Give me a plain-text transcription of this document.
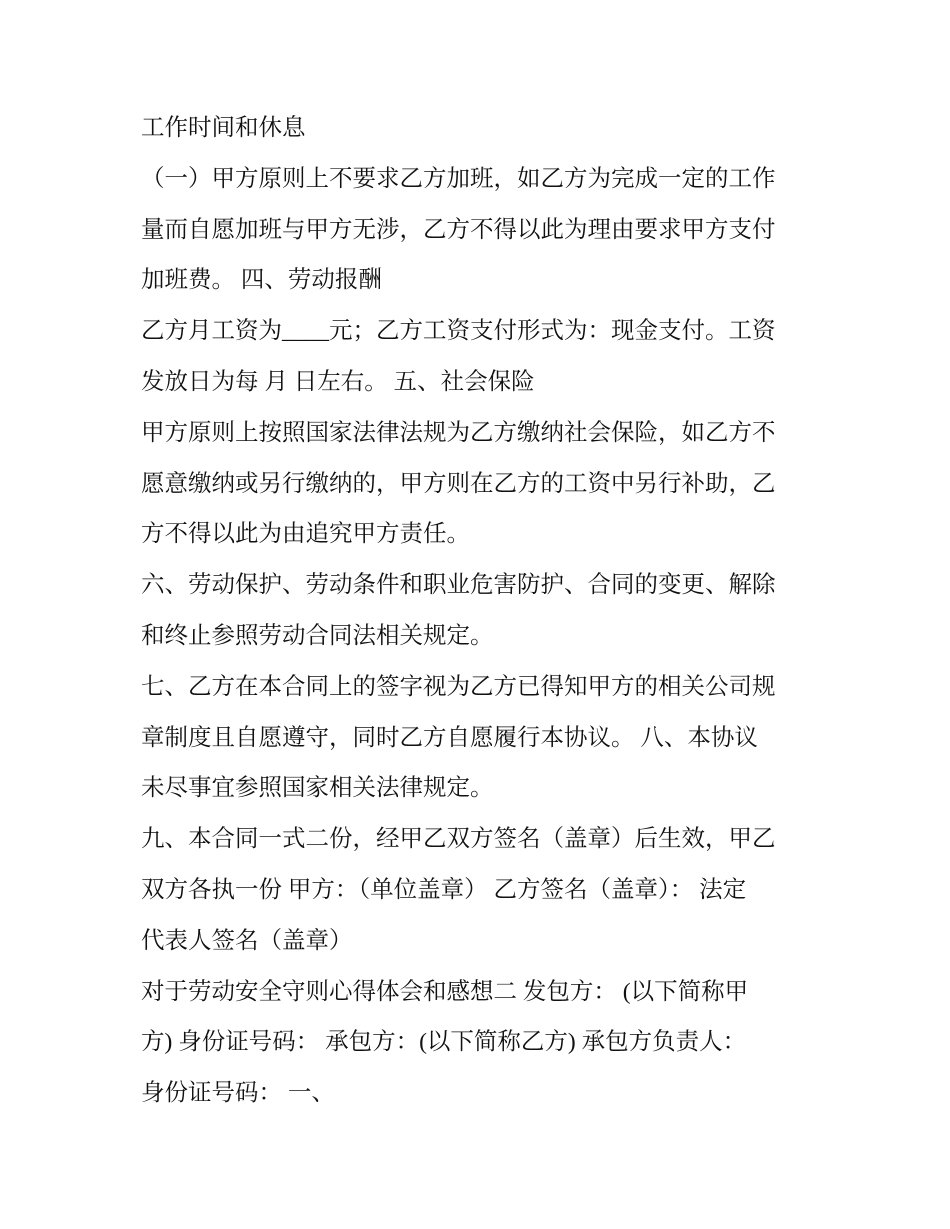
工作时间和休息
（一）甲方原则上不要求乙方加班，如乙方为完成一定的工作
量而自愿加班与甲方无涉，乙方不得以此为理由要求甲方支付
加班费。 四、劳动报酬
乙方月工资为____元；乙方工资支付形式为：现金支付。工资
发放日为每 月 日左右。 五、社会保险
甲方原则上按照国家法律法规为乙方缴纳社会保险，如乙方不
愿意缴纳或另行缴纳的，甲方则在乙方的工资中另行补助，乙
方不得以此为由追究甲方责任。
六、劳动保护、劳动条件和职业危害防护、合同的变更、解除
和终止参照劳动合同法相关规定。
七、乙方在本合同上的签字视为乙方已得知甲方的相关公司规
章制度且自愿遵守，同时乙方自愿履行本协议。 八、本协议
未尽事宜参照国家相关法律规定。
九、本合同一式二份，经甲乙双方签名（盖章）后生效，甲乙
双方各执一份 甲方：（单位盖章） 乙方签名（盖章）： 法定
代表人签名（盖章）
对于劳动安全守则心得体会和感想二 发包方： (以下简称甲
方) 身份证号码： 承包方：(以下简称乙方) 承包方负责人：
身份证号码： 一、
